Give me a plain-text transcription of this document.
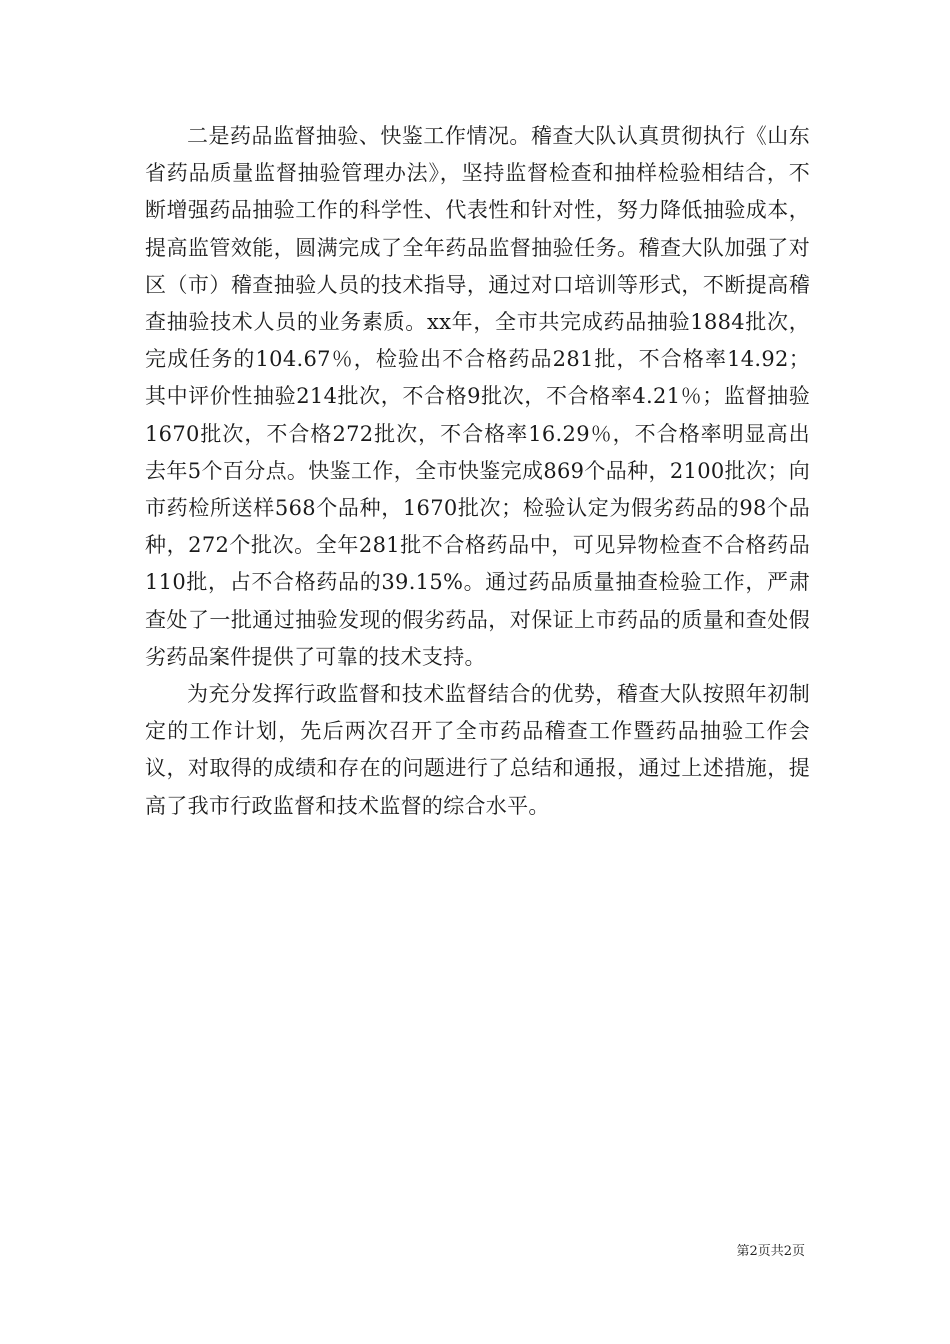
二是药品监督抽验、快鉴工作情况。稽查大队认真贯彻执行《山东省药品质量监督抽验管理办法》，坚持监督检查和抽样检验相结合，不断增强药品抽验工作的科学性、代表性和针对性，努力降低抽验成本，提高监管效能，圆满完成了全年药品监督抽验任务。稽查大队加强了对区（市）稽查抽验人员的技术指导，通过对口培训等形式，不断提高稽查抽验技术人员的业务素质。xx年，全市共完成药品抽验1884批次，完成任务的104.67％，检验出不合格药品281批，不合格率14.92；其中评价性抽验214批次，不合格9批次，不合格率4.21％；监督抽验1670批次，不合格272批次，不合格率16.29％，不合格率明显高出去年5个百分点。快鉴工作，全市快鉴完成869个品种，2100批次；向市药检所送样568个品种，1670批次；检验认定为假劣药品的98个品种，272个批次。全年281批不合格药品中，可见异物检查不合格药品110批，占不合格药品的39.15%。通过药品质量抽查检验工作，严肃查处了一批通过抽验发现的假劣药品，对保证上市药品的质量和查处假劣药品案件提供了可靠的技术支持。

为充分发挥行政监督和技术监督结合的优势，稽查大队按照年初制定的工作计划，先后两次召开了全市药品稽查工作暨药品抽验工作会议，对取得的成绩和存在的问题进行了总结和通报，通过上述措施，提高了我市行政监督和技术监督的综合水平。

第2页共2页
